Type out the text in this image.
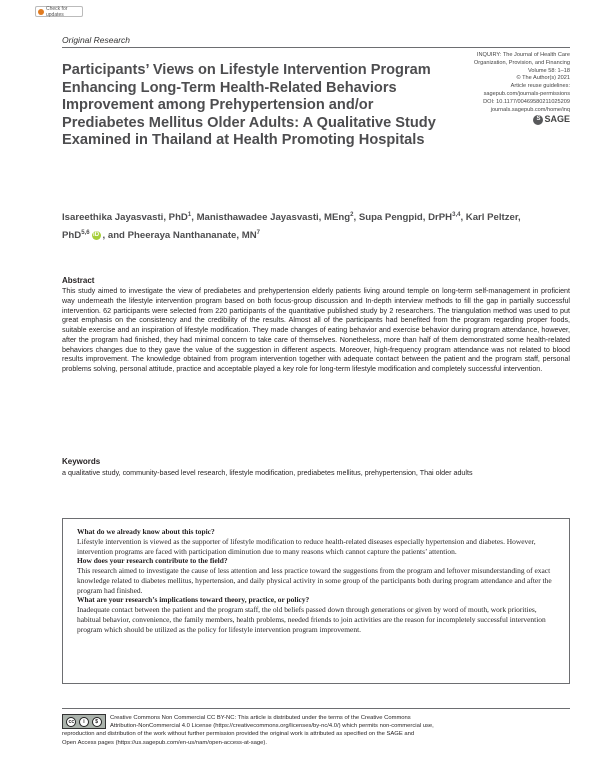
Check for updates
Original Research
INQUIRY: The Journal of Health Care
Organization, Provision, and Financing
Volume 58: 1–18
© The Author(s) 2021
Article reuse guidelines:
sagepub.com/journals-permissions
DOI: 10.1177/00469580211025209
journals.sagepub.com/home/inq
S SAGE
Participants’ Views on Lifestyle Intervention Program Enhancing Long-Term Health-Related Behaviors Improvement among Prehypertension and/or Prediabetes Mellitus Older Adults: A Qualitative Study Examined in Thailand at Health Promoting Hospitals
Isareethika Jayasvasti, PhD$^1$, Manisthawadee Jayasvasti, MEng$^2$, Supa Pengpid, DrPH$^{3,4}$, Karl Peltzer, PhD$^{5,6}$ iD , and Pheeraya Nanthananate, $MN^7$
Abstract

This study aimed to investigate the view of prediabetes and prehypertension elderly patients living around temple on long-term self-management in proficient way underneath the lifestyle intervention program based on both focus-group discussion and In-depth interview methods to fill the gap in partially successful intervention. 62 participants were selected from 220 participants of the quantitative published study by 2 researchers. The triangulation method was used to put great emphasis on the consistency and the credibility of the results. Almost all of the participants had benefited from the program regarding proper foods, suitable exercise and an inspiration of lifestyle modification. They made changes of eating behavior and exercise behavior during program attendance, however, after the program had finished, they had minimal concern to take care of themselves. Nonetheless, more than half of them demonstrated some health-related behaviors changes due to they gave the value of the suggestion in different aspects. Moreover, high-frequency program attendance was not related to blood results improvement. The knowledge obtained from program intervention together with adequate contact between the patient and the program staff, personal problems solving, personal attitude, practice and acceptable played a key role for long-term lifestyle modification and completely successful intervention.

Keywords

a qualitative study, community-based level research, lifestyle modification, prediabetes mellitus, prehypertension, Thai older adults

What do we already know about this topic?
Lifestyle intervention is viewed as the supporter of lifestyle modification to reduce health-related diseases especially hypertension and diabetes. However, intervention programs are faced with participation diminution due to many reasons which cannot capture the patients’ attention.
How does your research contribute to the field?
This research aimed to investigate the cause of less attention and less practice toward the suggestions from the program and leftover misunderstanding of exact knowledge related to diabetes mellitus, hypertension, and daily physical activity in some group of the participants both during program attendance and after the program had finished.
What are your research’s implications toward theory, practice, or policy?
Inadequate contact between the patient and the program staff, the old beliefs passed down through generations or given by word of mouth, work priorities, habitual behavior, convenience, the family members, health problems, needed friends to join activities are the reason for incompletely successful intervention program which should be utilized as the policy for lifestyle intervention program improvement.
cc	i	$
Creative Commons Non Commercial CC BY-NC: This article is distributed under the terms of the Creative Commons
Attribution-NonCommercial 4.0 License (https://creativecommons.org/licenses/by-nc/4.0/) which permits non-commercial use,
reproduction and distribution of the work without further permission provided the original work is attributed as specified on the SAGE and
Open Access pages (https://us.sagepub.com/en-us/nam/open-access-at-sage).
